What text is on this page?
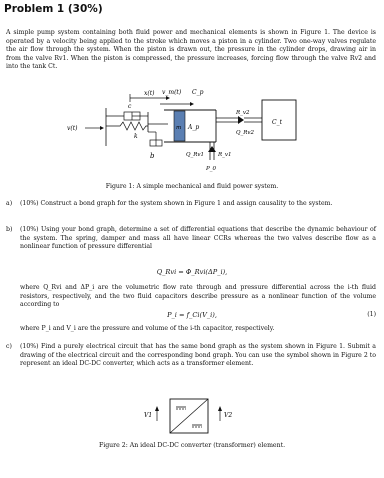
Problem 1 (30%)
A simple pump system containing both fluid power and mechanical elements is shown in Figure 1. The device is operated by a velocity being applied to the stroke which moves a piston in a cylinder. Two one-way valves regulate the air flow through the system. When the piston is drawn out, the pressure in the cylinder drops, drawing air in from the valve Rv1. When the piston is compressed, the pressure increases, forcing flow through the valve Rv2 and into the tank Ct.
x(t) v_m(t) C_p
v(t)
c
k
b
m A_p
R_v2
Q_Rv2
C_t
Q_Rv1	R_v1
P_0
Figure 1: A simple mechanical and fluid power system.
a) (10%) Construct a bond graph for the system shown in Figure 1 and assign causality to the system.
b) (10%) Using your bond graph, determine a set of differential equations that describe the dynamic behaviour of the system. The spring, damper and mass all have linear CCRs whereas the two valves describe flow as a nonlinear function of pressure differential
Q_Rvi = Φ_Rvi(ΔP_i),
where Q_Rvi and ΔP_i are the volumetric flow rate through and pressure differential across the i-th fluid resistors, respectively, and the two fluid capacitors describe pressure as a nonlinear function of the volume according to
P_i = f_Ci(V_i),	(1)
where P_i and V_i are the pressure and volume of the i-th capacitor, respectively.
c) (10%) Find a purely electrical circuit that has the same bond graph as the system shown in Figure 1. Submit a drawing of the electrical circuit and the corresponding bond graph. You can use the symbol shown in Figure 2 to represent an ideal DC-DC converter, which acts as a transformer element.
V1	V2
Figure 2: An ideal DC-DC converter (transformer) element.
